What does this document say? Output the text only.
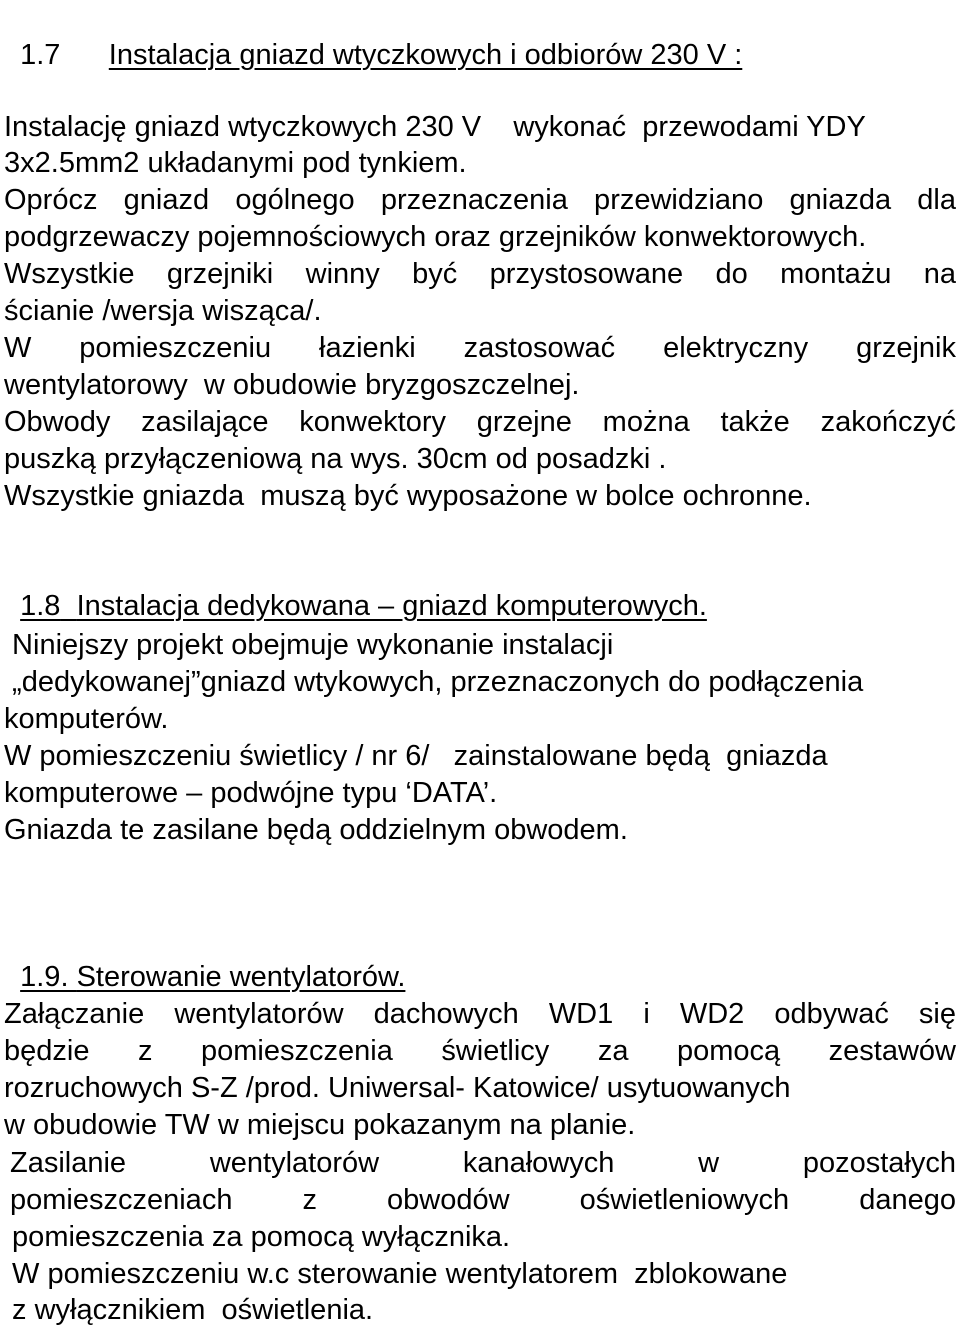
1.7 Instalacja gniazd wtyczkowych i odbiorów 230 V :

Instalację gniazd wtyczkowych 230 V    wykonać  przewodami YDY
3x2.5mm2 układanymi pod tynkiem.
Oprócz gniazd ogólnego przeznaczenia przewidziano gniazda dla
podgrzewaczy pojemnościowych oraz grzejników konwektorowych.
Wszystkie grzejniki winny być przystosowane do montażu na
ścianie /wersja wisząca/.
W pomieszczeniu łazienki zastosować elektryczny grzejnik
wentylatorowy  w obudowie bryzgoszczelnej.
Obwody zasilające konwektory grzejne można także zakończyć
puszką przyłączeniową na wys. 30cm od posadzki .
Wszystkie gniazda  muszą być wyposażone w bolce ochronne.

1.8 Instalacja dedykowana – gniazd komputerowych.

Niniejszy projekt obejmuje wykonanie instalacji
„dedykowanej”gniazd wtykowych, przeznaczonych do podłączenia
komputerów.
W pomieszczeniu świetlicy / nr 6/   zainstalowane będą  gniazda
komputerowe – podwójne typu ‘DATA’.
Gniazda te zasilane będą oddzielnym obwodem.

1.9. Sterowanie wentylatorów.

Załączanie wentylatorów dachowych WD1 i WD2 odbywać się
będzie z pomieszczenia świetlicy za pomocą zestawów
rozruchowych S-Z /prod. Uniwersal- Katowice/ usytuowanych
w obudowie TW w miejscu pokazanym na planie.
Zasilanie wentylatorów kanałowych w pozostałych
pomieszczeniach z obwodów oświetleniowych danego
pomieszczenia za pomocą wyłącznika.
W pomieszczeniu w.c sterowanie wentylatorem  zblokowane
z wyłącznikiem  oświetlenia.
